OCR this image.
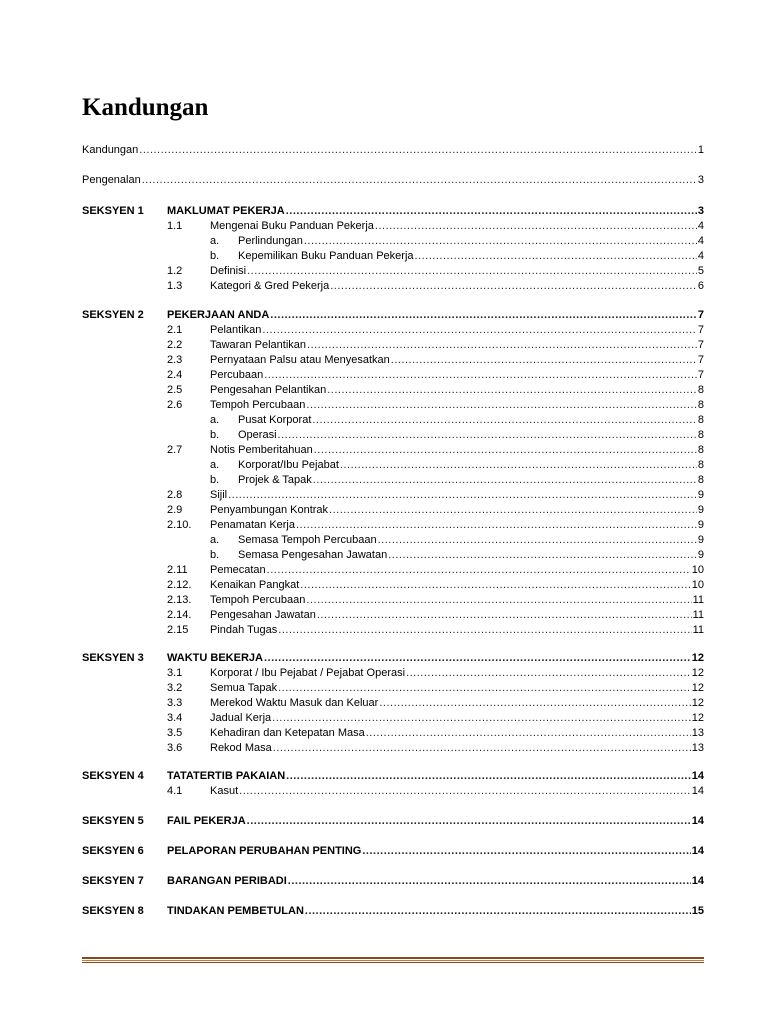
Kandungan
Kandungan .....	1
Pengenalan .....	3
SEKSYEN 1	MAKLUMAT PEKERJA .....	3
1.1	Mengenai Buku Panduan Pekerja .....	4
a. Perlindungan .....	4
b. Kepemilikan Buku Panduan Pekerja .....	4
1.2	Definisi .....	5
1.3	Kategori & Gred Pekerja .....	6
SEKSYEN 2	PEKERJAAN ANDA .....	7
2.1	Pelantikan .....	7
2.2	Tawaran Pelantikan .....	7
2.3	Pernyataan Palsu atau Menyesatkan .....	7
2.4	Percubaan .....	7
2.5	Pengesahan Pelantikan .....	8
2.6	Tempoh Percubaan .....	8
a. Pusat Korporat .....	8
b. Operasi .....	8
2.7	Notis Pemberitahuan .....	8
a. Korporat/Ibu Pejabat .....	8
b. Projek & Tapak .....	8
2.8	Sijil .....	9
2.9	Penyambungan Kontrak .....	9
2.10. Penamatan Kerja .....	9
a. Semasa Tempoh Percubaan .....	9
b. Semasa Pengesahan Jawatan .....	9
2.11 Pemecatan .....	10
2.12. Kenaikan Pangkat .....	10
2.13. Tempoh Percubaan .....	11
2.14. Pengesahan Jawatan .....	11
2.15 Pindah Tugas .....	11
SEKSYEN 3	WAKTU BEKERJA .....	12
3.1	Korporat / Ibu Pejabat / Pejabat Operasi .....	12
3.2	Semua Tapak .....	12
3.3	Merekod Waktu Masuk dan Keluar .....	12
3.4	Jadual Kerja .....	12
3.5	Kehadiran dan Ketepatan Masa .....	13
3.6	Rekod Masa .....	13
SEKSYEN 4	TATATERTIB PAKAIAN .....	14
4.1	Kasut .....	14
SEKSYEN 5	FAIL PEKERJA .....	14
SEKSYEN 6	PELAPORAN PERUBAHAN PENTING .....	14
SEKSYEN 7	BARANGAN PERIBADI .....	14
SEKSYEN 8	TINDAKAN PEMBETULAN .....	15
